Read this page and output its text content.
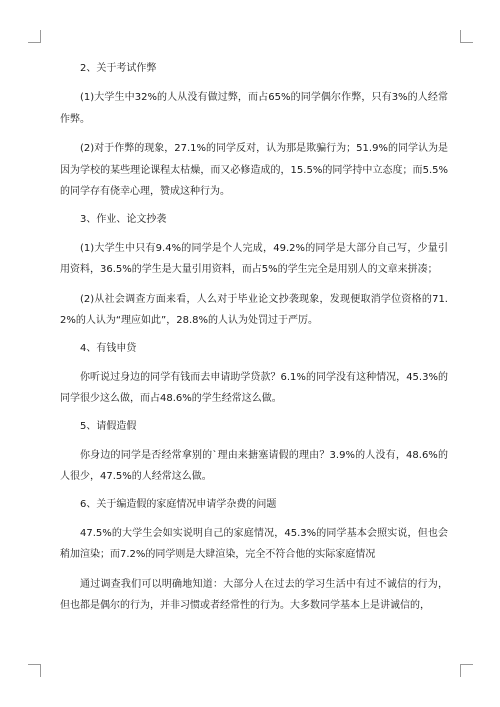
2、关于考试作弊
(1)大学生中32%的人从没有做过弊，而占65%的同学偶尔作弊，只有3%的人经常作弊。
(2)对于作弊的现象，27.1%的同学反对，认为那是欺骗行为；51.9%的同学认为是因为学校的某些理论课程太枯燥，而又必修造成的，15.5%的同学持中立态度；而5.5%的同学存有侥幸心理，赞成这种行为。
3、作业、论文抄袭
(1)大学生中只有9.4%的同学是个人完成，49.2%的同学是大部分自己写，少量引用资料，36.5%的学生是大量引用资料，而占5%的学生完全是用别人的文章来拼凑；
(2)从社会调查方面来看，人么对于毕业论文抄袭现象，发现便取消学位资格的71.2%的人认为“理应如此”，28.8%的人认为处罚过于严厉。
4、有钱申贷
你听说过身边的同学有钱而去申请助学贷款？6.1%的同学没有这种情况，45.3%的同学很少这么做，而占48.6%的学生经常这么做。
5、请假造假
你身边的同学是否经常拿别的`理由来搪塞请假的理由？3.9%的人没有，48.6%的人很少，47.5%的人经常这么做。
6、关于编造假的家庭情况申请学杂费的问题
47.5%的大学生会如实说明自己的家庭情况，45.3%的同学基本会照实说，但也会稍加渲染；而7.2%的同学则是大肆渲染，完全不符合他的实际家庭情况
通过调查我们可以明确地知道：大部分人在过去的学习生活中有过不诚信的行为，但也都是偶尔的行为，并非习惯或者经常性的行为。大多数同学基本上是讲诚信的，
